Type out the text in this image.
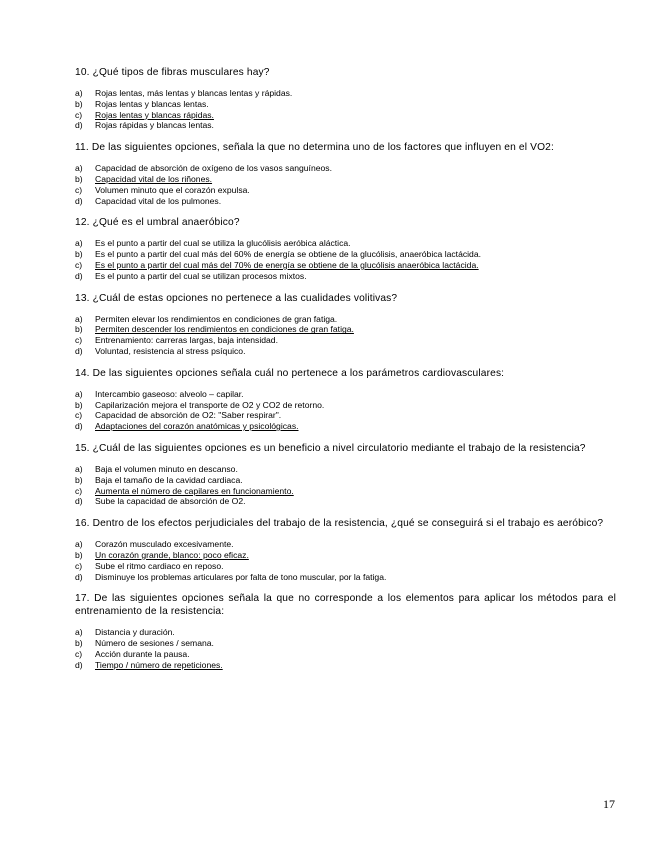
10. ¿Qué tipos de fibras musculares hay?

a)	Rojas lentas, más lentas y blancas lentas y rápidas.
b)	Rojas lentas y blancas lentas.
c)	Rojas lentas y blancas rápidas.
d)	Rojas rápidas y blancas lentas.

11. De las siguientes opciones, señala la que no determina uno de los factores que influyen en el VO2:

a)	Capacidad de absorción de oxígeno de los vasos sanguíneos.
b)	Capacidad vital de los riñones.
c)	Volumen minuto que el corazón expulsa.
d)	Capacidad vital de los pulmones.

12. ¿Qué es el umbral anaeróbico?

a)	Es el punto a partir del cual se utiliza la glucólisis aeróbica aláctica.
b)	Es el punto a partir del cual más del 60% de energía se obtiene de la glucólisis, anaeróbica lactácida.
c)	Es el punto a partir del cual más del 70% de energía se obtiene de la glucólisis anaeróbica lactácida.
d)	Es el punto a partir del cual se utilizan procesos mixtos.

13. ¿Cuál de estas opciones no pertenece a las cualidades volitivas?

a)	Permiten elevar los rendimientos en condiciones de gran fatiga.
b)	Permiten descender los rendimientos en condiciones de gran fatiga.
c)	Entrenamiento: carreras largas, baja intensidad.
d)	Voluntad, resistencia al stress psíquico.

14. De las siguientes opciones señala cuál no pertenece a los parámetros cardiovasculares:

a)	Intercambio gaseoso: alveolo – capilar.
b)	Capilarización mejora el transporte de O2 y CO2 de retorno.
c)	Capacidad de absorción de O2: "Saber respirar".
d)	Adaptaciones del corazón anatómicas y psicológicas.

15. ¿Cuál de las siguientes opciones es un beneficio a nivel circulatorio mediante el trabajo de la resistencia?

a)	Baja el volumen minuto en descanso.
b)	Baja el tamaño de la cavidad cardiaca.
c)	Aumenta el número de capilares en funcionamiento.
d)	Sube la capacidad de absorción de O2.

16. Dentro de los efectos perjudiciales del trabajo de la resistencia, ¿qué se conseguirá si el trabajo es aeróbico?

a)	Corazón musculado excesivamente.
b)	Un corazón grande, blanco: poco eficaz.
c)	Sube el ritmo cardiaco en reposo.
d)	Disminuye los problemas articulares por falta de tono muscular, por la fatiga.

17. De las siguientes opciones señala la que no corresponde a los elementos para aplicar los métodos para el entrenamiento de la resistencia:

a)	Distancia y duración.
b)	Número de sesiones / semana.
c)	Acción durante la pausa.
d)	Tiempo / número de repeticiones.
17
